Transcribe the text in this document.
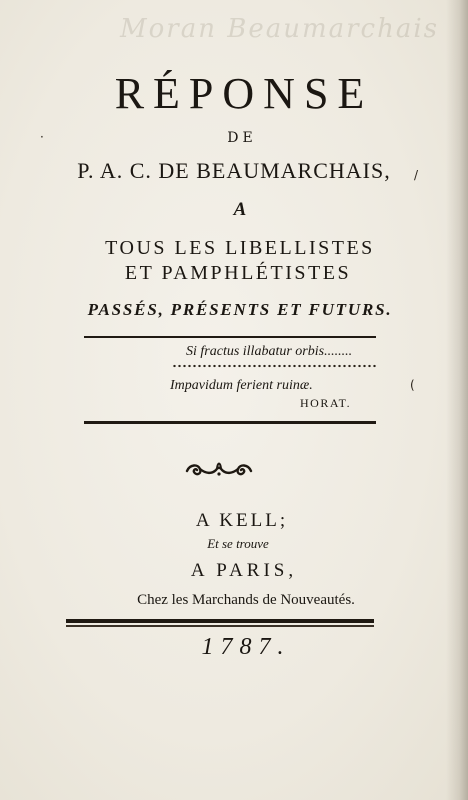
Moran Beaumarchais
RÉPONSE
DE
P. A. C. DE BEAUMARCHAIS,
A
TOUS LES LIBELLISTES
ET PAMPHLÉTISTES
PASSÉS, PRÉSENTS ET FUTURS.
Si fractus illabatur orbis........
Impavidum ferient ruinæ.
HORAT.
A KELL;
Et se trouve
A PARIS,
Chez les Marchands de Nouveautés.
1787.
/
(
·
